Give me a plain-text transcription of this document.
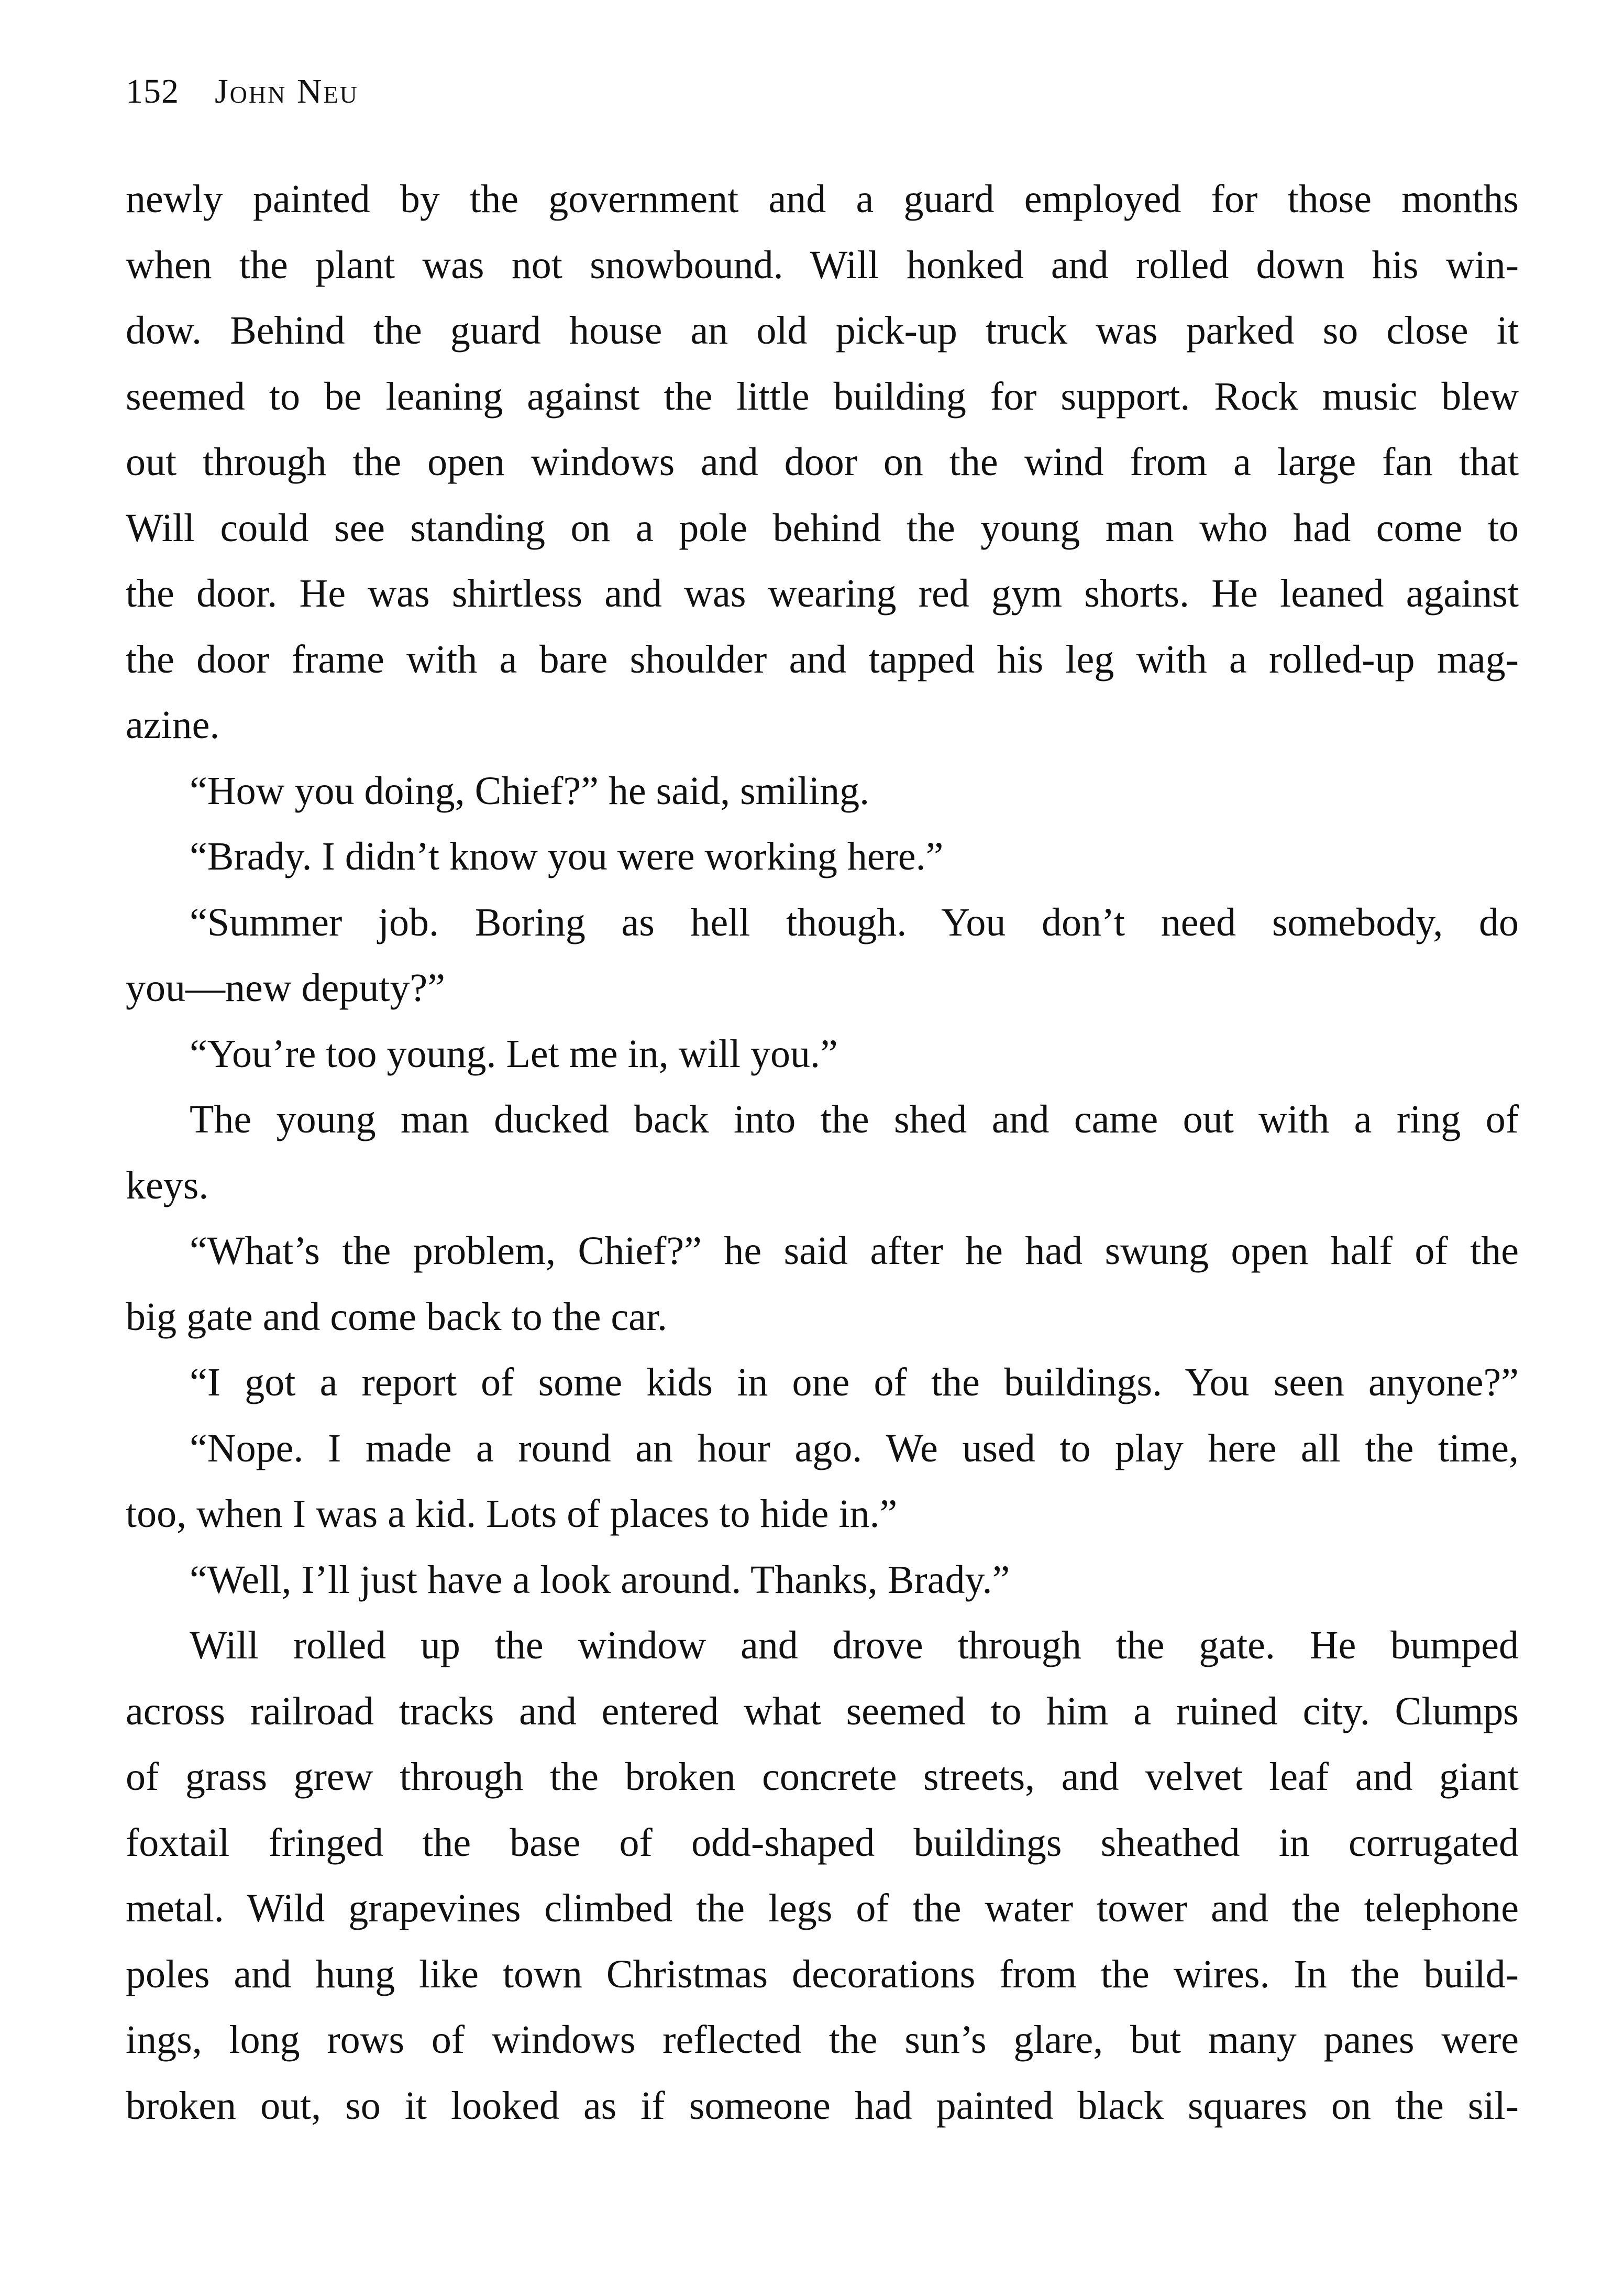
152 John Neu
newly painted by the government and a guard employed for those months
when the plant was not snowbound. Will honked and rolled down his win-
dow. Behind the guard house an old pick-up truck was parked so close it
seemed to be leaning against the little building for support. Rock music blew
out through the open windows and door on the wind from a large fan that
Will could see standing on a pole behind the young man who had come to
the door. He was shirtless and was wearing red gym shorts. He leaned against
the door frame with a bare shoulder and tapped his leg with a rolled-up mag-
azine.
“How you doing, Chief?” he said, smiling.
“Brady. I didn’t know you were working here.”
“Summer job. Boring as hell though. You don’t need somebody, do
you—new deputy?”
“You’re too young. Let me in, will you.”
The young man ducked back into the shed and came out with a ring of
keys.
“What’s the problem, Chief?” he said after he had swung open half of the
big gate and come back to the car.
“I got a report of some kids in one of the buildings. You seen anyone?”
“Nope. I made a round an hour ago. We used to play here all the time,
too, when I was a kid. Lots of places to hide in.”
“Well, I’ll just have a look around. Thanks, Brady.”
Will rolled up the window and drove through the gate. He bumped
across railroad tracks and entered what seemed to him a ruined city. Clumps
of grass grew through the broken concrete streets, and velvet leaf and giant
foxtail fringed the base of odd-shaped buildings sheathed in corrugated
metal. Wild grapevines climbed the legs of the water tower and the telephone
poles and hung like town Christmas decorations from the wires. In the build-
ings, long rows of windows reflected the sun’s glare, but many panes were
broken out, so it looked as if someone had painted black squares on the sil-
